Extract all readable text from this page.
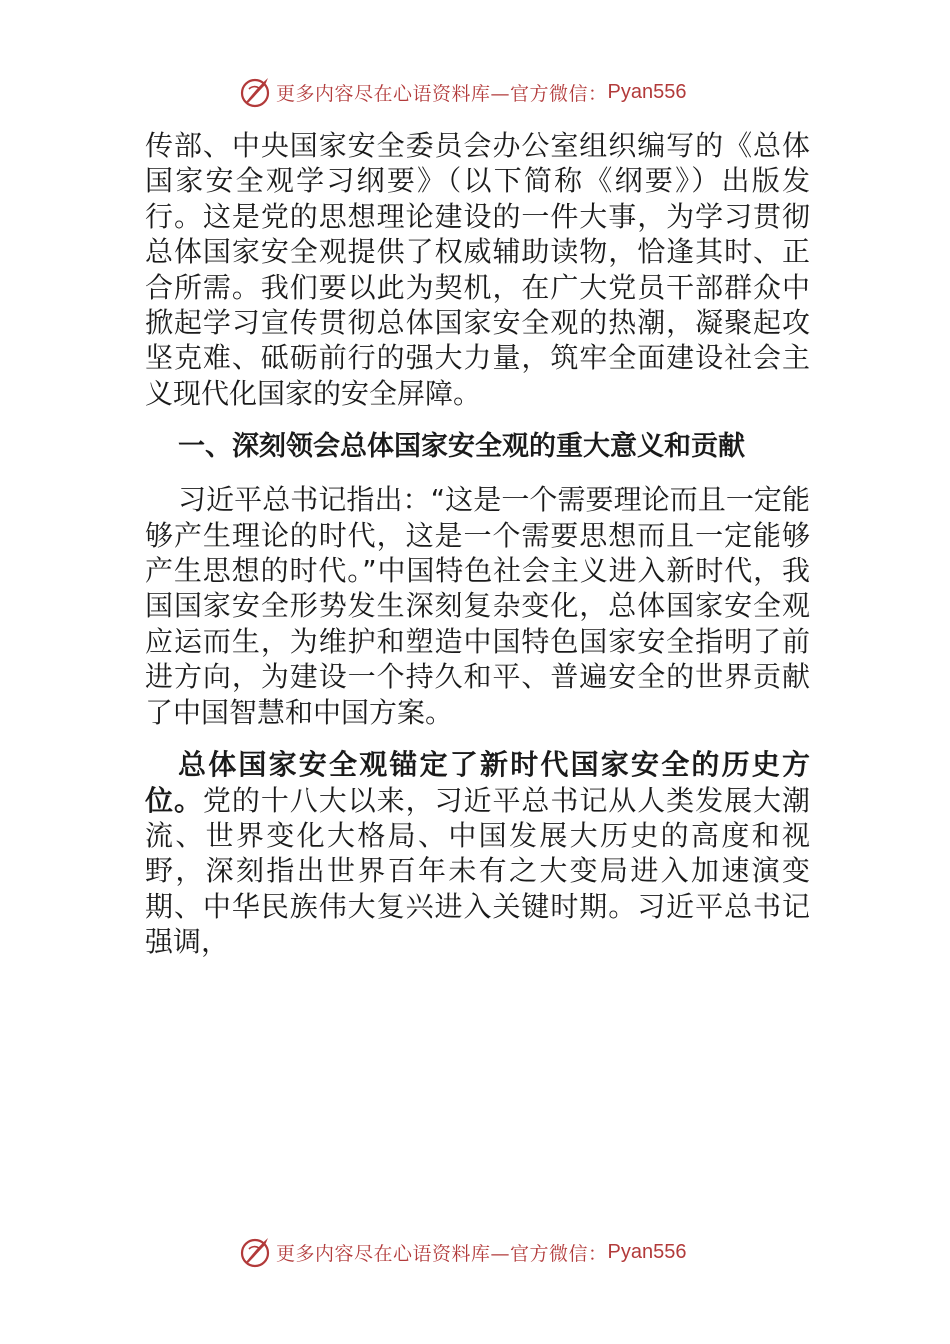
更多内容尽在心语资料库—官方微信： Pyan556

传部、中央国家安全委员会办公室组织编写的《总体国家安全观学习纲要》（以下简称《纲要》）出版发行。这是党的思想理论建设的一件大事，为学习贯彻总体国家安全观提供了权威辅助读物，恰逢其时、正合所需。我们要以此为契机，在广大党员干部群众中掀起学习宣传贯彻总体国家安全观的热潮，凝聚起攻坚克难、砥砺前行的强大力量，筑牢全面建设社会主义现代化国家的安全屏障。

一、深刻领会总体国家安全观的重大意义和贡献

习近平总书记指出：“这是一个需要理论而且一定能够产生理论的时代，这是一个需要思想而且一定能够产生思想的时代。”中国特色社会主义进入新时代，我国国家安全形势发生深刻复杂变化，总体国家安全观应运而生，为维护和塑造中国特色国家安全指明了前进方向，为建设一个持久和平、普遍安全的世界贡献了中国智慧和中国方案。

总体国家安全观锚定了新时代国家安全的历史方位。党的十八大以来，习近平总书记从人类发展大潮流、世界变化大格局、中国发展大历史的高度和视野，深刻指出世界百年未有之大变局进入加速演变期、中华民族伟大复兴进入关键时期。习近平总书记强调，

更多内容尽在心语资料库—官方微信： Pyan556
